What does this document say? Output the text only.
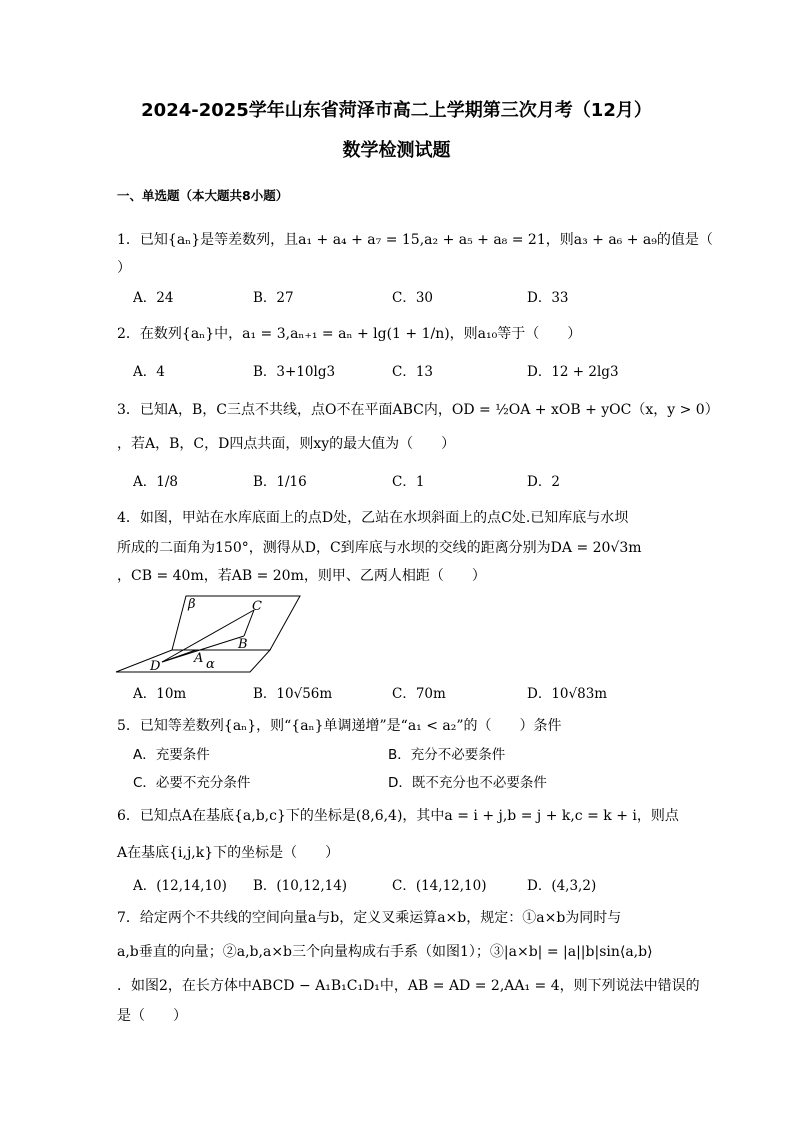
2024-2025学年山东省菏泽市高二上学期第三次月考（12月）
数学检测试题
一、单选题（本大题共8小题）
1．已知{aₙ}是等差数列，且a₁ + a₄ + a₇ = 15,a₂ + a₅ + a₈ = 21，则a₃ + a₆ + a₉的值是（
）
A．24	B．27	C．30	D．33
2．在数列{aₙ}中，a₁ = 3,aₙ₊₁ = aₙ + lg(1 + 1/n)，则a₁₀等于（　　）
A．4	B．3+10lg3	C．13	D．12 + 2lg3
3．已知A，B，C三点不共线，点O不在平面ABC内，OD = ½OA + xOB + yOC（x，y > 0）
，若A，B，C，D四点共面，则xy的最大值为（　　）
A．1/8	B．1/16	C．1	D．2
4．如图，甲站在水库底面上的点D处，乙站在水坝斜面上的点C处.已知库底与水坝
所成的二面角为150°，测得从D，C到库底与水坝的交线的距离分别为DA = 20√3m
，CB = 40m，若AB = 20m，则甲、乙两人相距（　　）
β	C
B
A
D	α
A．10m	B．10√56m	C．70m	D．10√83m
5．已知等差数列{aₙ}，则“{aₙ}单调递增”是“a₁ < a₂”的（　　）条件
A．充要条件	B．充分不必要条件
C．必要不充分条件	D．既不充分也不必要条件
6．已知点A在基底{a,b,c}下的坐标是(8,6,4)，其中a = i + j,b = j + k,c = k + i，则点
A在基底{i,j,k}下的坐标是（　　）
A．(12,14,10) B．(10,12,14)	C．(14,12,10)	D．(4,3,2)
7．给定两个不共线的空间向量a与b，定义叉乘运算a×b，规定：①a×b为同时与
a,b垂直的向量；②a,b,a×b三个向量构成右手系（如图1）；③|a×b| = |a||b|sin⟨a,b⟩
．如图2，在长方体中ABCD − A₁B₁C₁D₁中，AB = AD = 2,AA₁ = 4，则下列说法中错误的
是（　　）
